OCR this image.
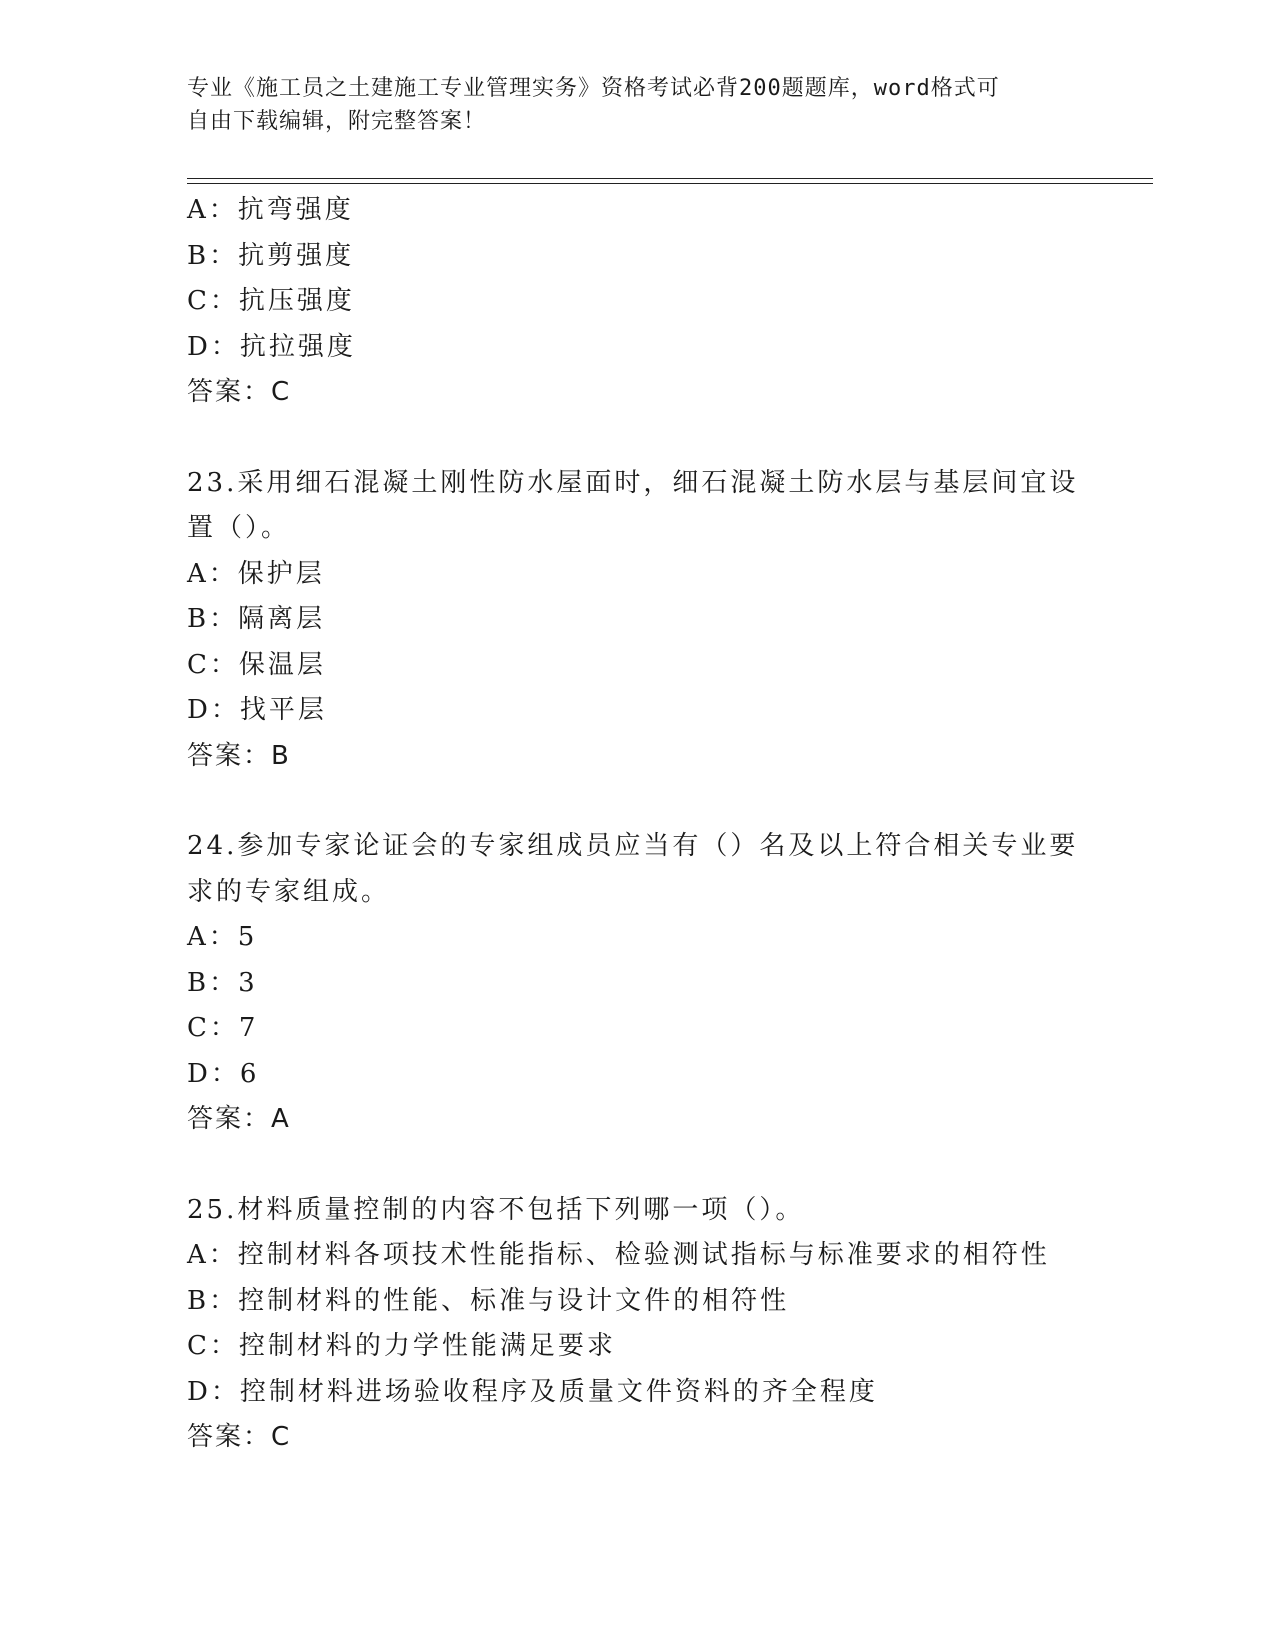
专业《施工员之土建施工专业管理实务》资格考试必背200题题库，word格式可
自由下载编辑，附完整答案！
A：抗弯强度
B：抗剪强度
C：抗压强度
D：抗拉强度
答案：C
23.采用细石混凝土刚性防水屋面时，细石混凝土防水层与基层间宜设
置（）。
A：保护层
B：隔离层
C：保温层
D：找平层
答案：B
24.参加专家论证会的专家组成员应当有（）名及以上符合相关专业要
求的专家组成。
A：5
B：3
C：7
D：6
答案：A
25.材料质量控制的内容不包括下列哪一项（）。
A：控制材料各项技术性能指标、检验测试指标与标准要求的相符性
B：控制材料的性能、标准与设计文件的相符性
C：控制材料的力学性能满足要求
D：控制材料进场验收程序及质量文件资料的齐全程度
答案：C
